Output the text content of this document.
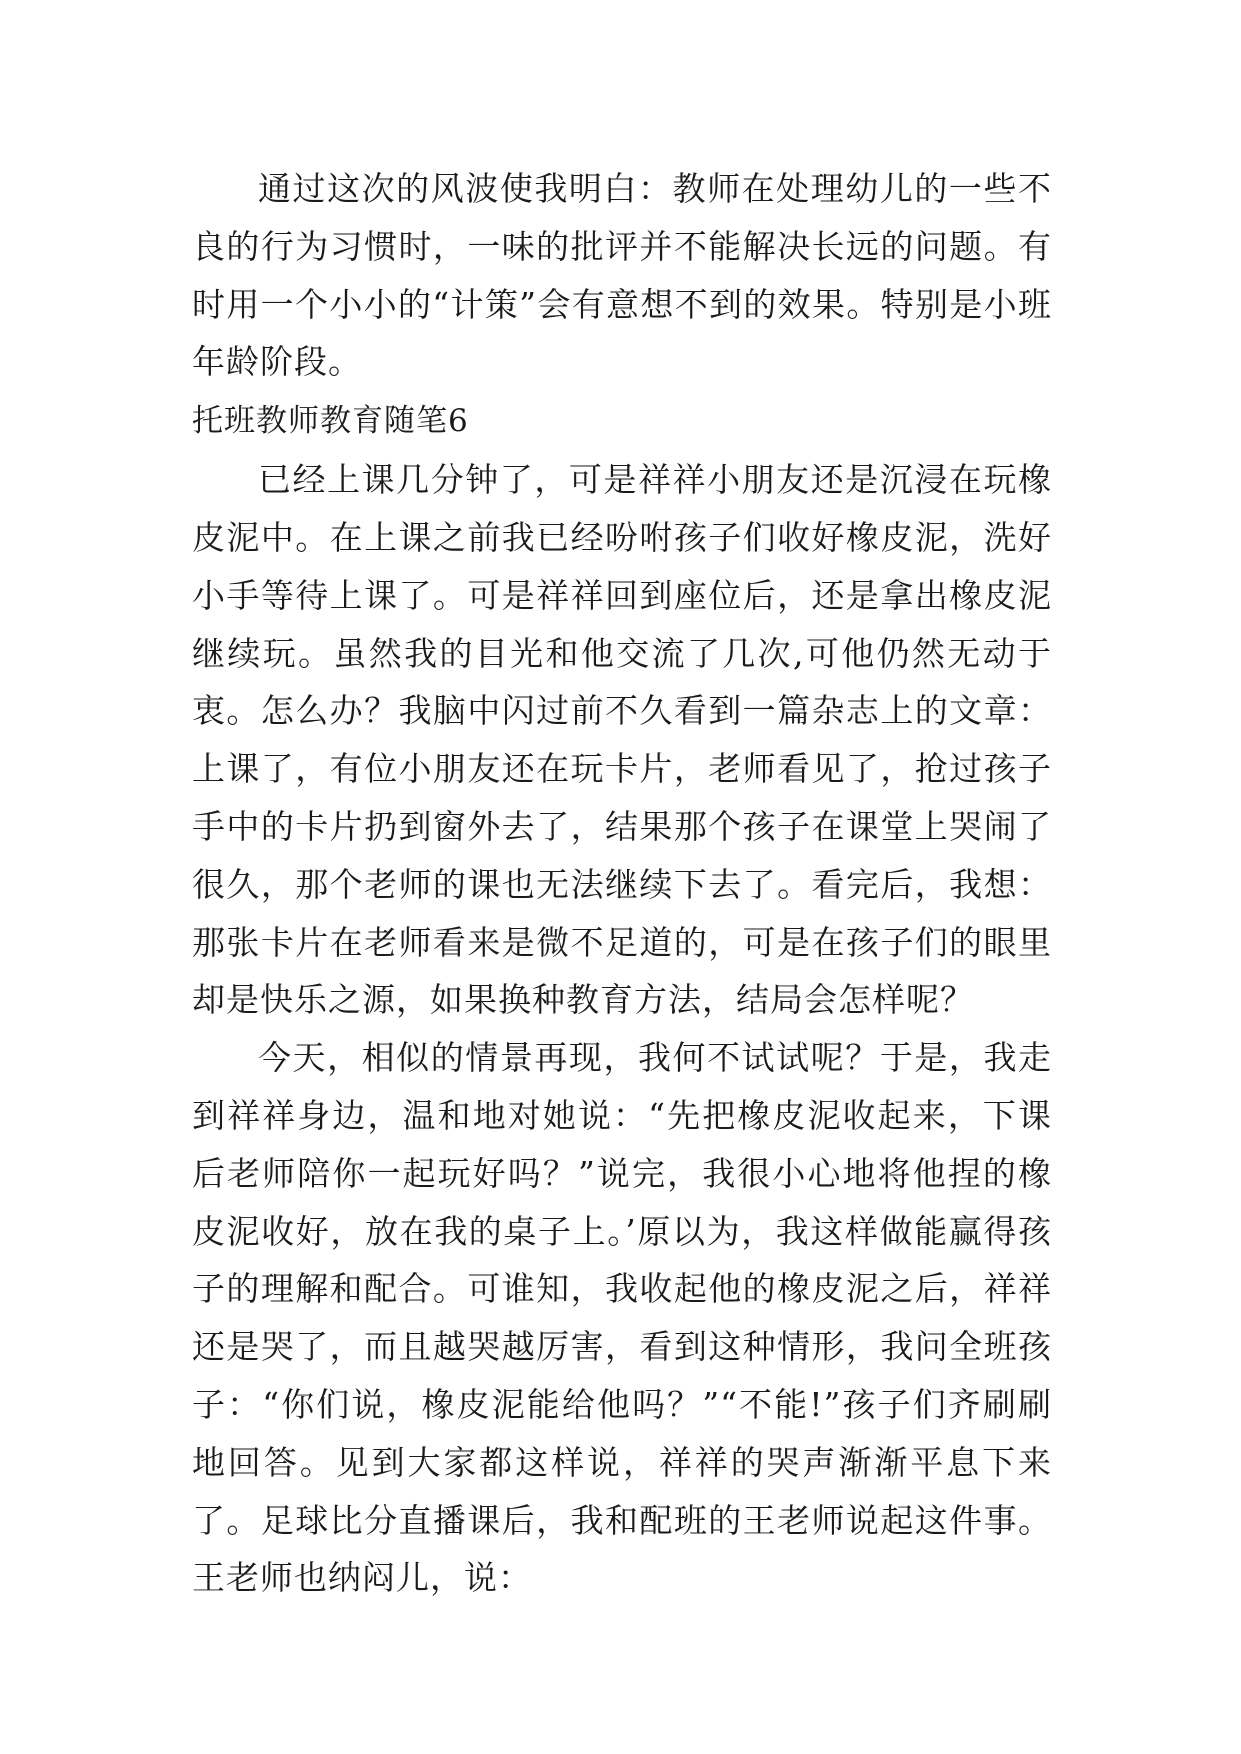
通过这次的风波使我明白：教师在处理幼儿的一些不良的行为习惯时，一味的批评并不能解决长远的问题。有时用一个小小的“计策”会有意想不到的效果。特别是小班年龄阶段。

托班教师教育随笔6

已经上课几分钟了，可是祥祥小朋友还是沉浸在玩橡皮泥中。在上课之前我已经吩咐孩子们收好橡皮泥，洗好小手等待上课了。可是祥祥回到座位后，还是拿出橡皮泥继续玩。虽然我的目光和他交流了几次,可他仍然无动于衷。怎么办？我脑中闪过前不久看到一篇杂志上的文章：上课了，有位小朋友还在玩卡片，老师看见了，抢过孩子手中的卡片扔到窗外去了，结果那个孩子在课堂上哭闹了很久，那个老师的课也无法继续下去了。看完后，我想：那张卡片在老师看来是微不足道的，可是在孩子们的眼里却是快乐之源，如果换种教育方法，结局会怎样呢？

今天，相似的情景再现，我何不试试呢？于是，我走到祥祥身边，温和地对她说：“先把橡皮泥收起来，下课后老师陪你一起玩好吗？”说完，我很小心地将他捏的橡皮泥收好，放在我的桌子上。’原以为，我这样做能赢得孩子的理解和配合。可谁知，我收起他的橡皮泥之后，祥祥还是哭了，而且越哭越厉害，看到这种情形，我问全班孩子：“你们说，橡皮泥能给他吗？”“不能!”孩子们齐刷刷地回答。见到大家都这样说，祥祥的哭声渐渐平息下来了。足球比分直播课后，我和配班的王老师说起这件事。王老师也纳闷儿，说：
